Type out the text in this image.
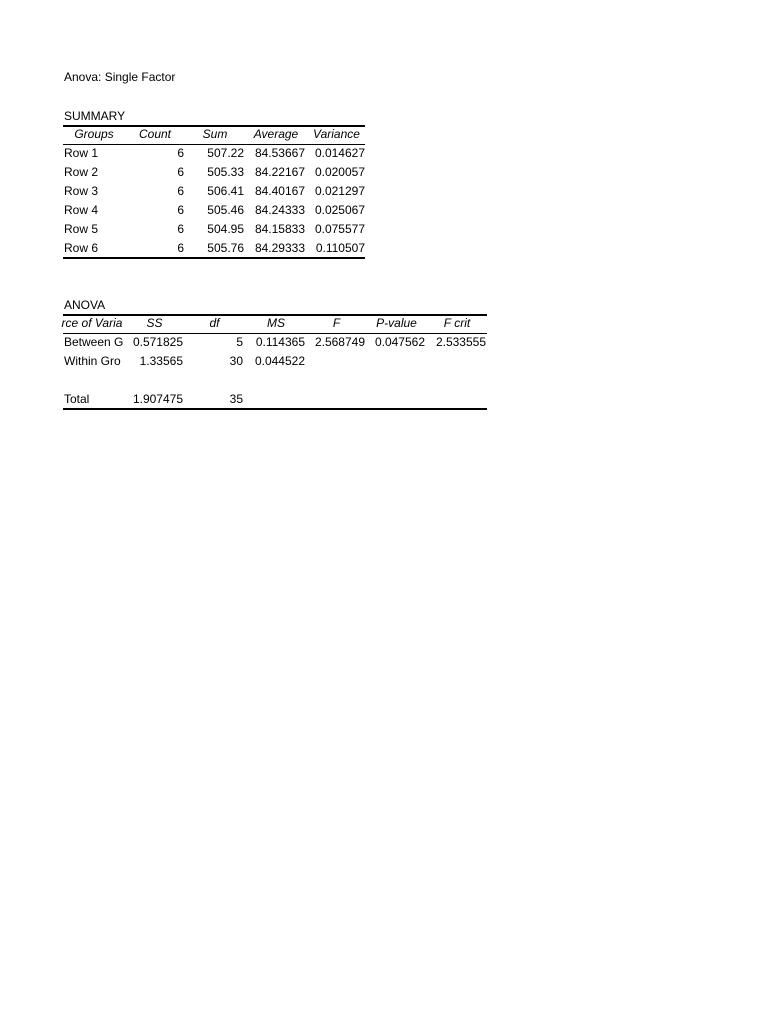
Anova: Single Factor
SUMMARY
Groups	Count	Sum	Average	Variance
Row 1	6	507.22 84.53667 0.014627
Row 2	6	505.33 84.22167 0.020057
Row 3	6	506.41 84.40167 0.021297
Row 4	6	505.46 84.24333 0.025067
Row 5	6	504.95 84.15833 0.075577
Row 6	6	505.76 84.29333 0.110507
ANOVA
rce of Varia	SS	df	MS	F	P-value	F crit
Between G 0.571825	5	0.114365 2.568749 0.047562 2.533555
Within Gro	1.33565	30 0.044522
Total	1.907475	35
